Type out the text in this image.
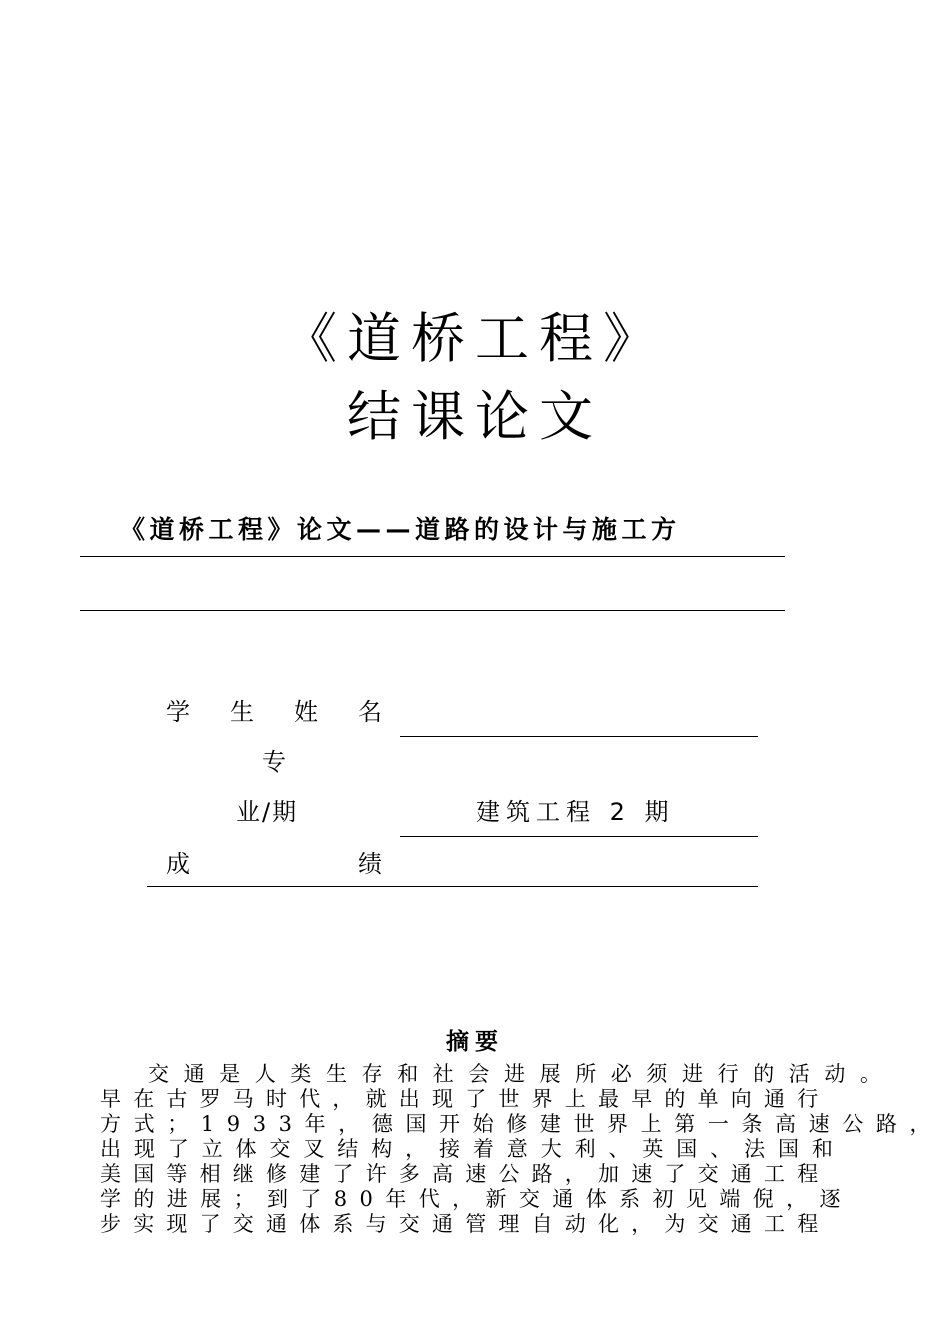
《道桥工程》
结课论文
《道桥工程》论文——道路的设计与施工方
学生姓名
专
业/期	建筑工程 2 期
成	绩
摘要
交通是人类生存和社会进展所必须进行的活动。
早在古罗马时代，就出现了世界上最早的单向通行
方式；1933年，德国开始修建世界上第一条高速公路，
出现了立体交叉结构，接着意大利、英国、法国和
美国等相继修建了许多高速公路，加速了交通工程
学的进展；到了80年代，新交通体系初见端倪，逐
步实现了交通体系与交通管理自动化，为交通工程
